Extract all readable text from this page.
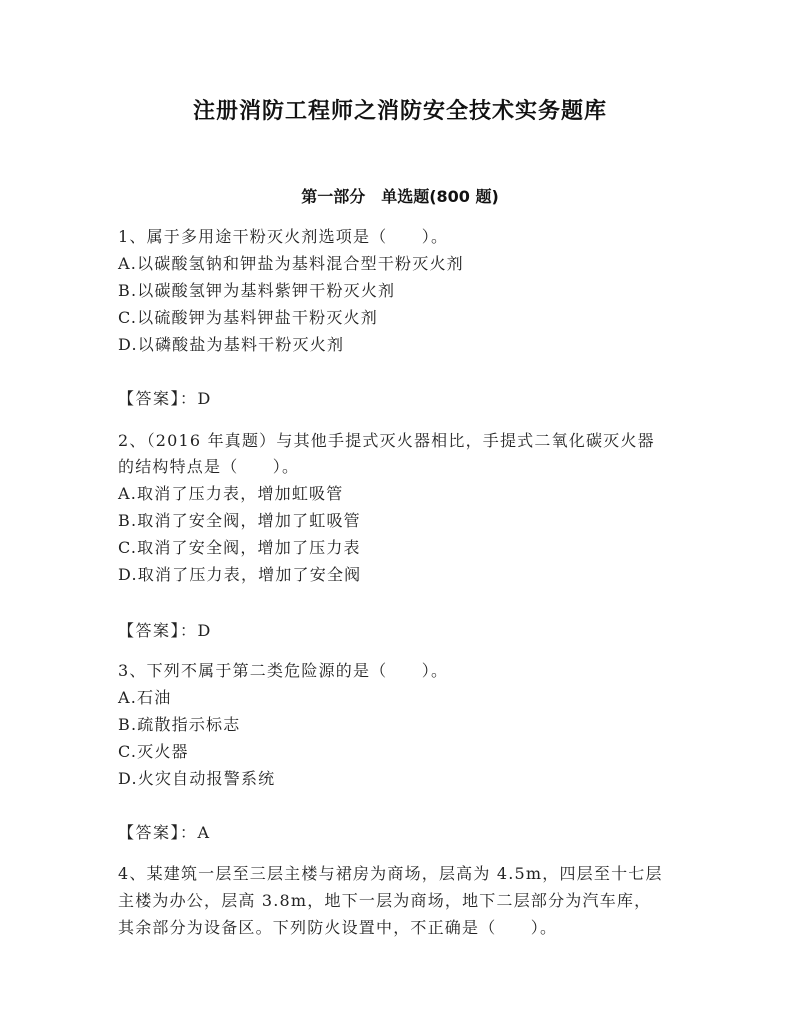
注册消防工程师之消防安全技术实务题库
第一部分　单选题(800 题)
1、属于多用途干粉灭火剂选项是（　　）。
A.以碳酸氢钠和钾盐为基料混合型干粉灭火剂
B.以碳酸氢钾为基料紫钾干粉灭火剂
C.以硫酸钾为基料钾盐干粉灭火剂
D.以磷酸盐为基料干粉灭火剂
【答案】：D
2、（2016 年真题）与其他手提式灭火器相比，手提式二氧化碳灭火器
的结构特点是（　　）。
A.取消了压力表，增加虹吸管
B.取消了安全阀，增加了虹吸管
C.取消了安全阀，增加了压力表
D.取消了压力表，增加了安全阀
【答案】：D
3、下列不属于第二类危险源的是（　　）。
A.石油
B.疏散指示标志
C.灭火器
D.火灾自动报警系统
【答案】：A
4、某建筑一层至三层主楼与裙房为商场，层高为 4.5m，四层至十七层
主楼为办公，层高 3.8m，地下一层为商场，地下二层部分为汽车库，
其余部分为设备区。下列防火设置中，不正确是（　　）。
